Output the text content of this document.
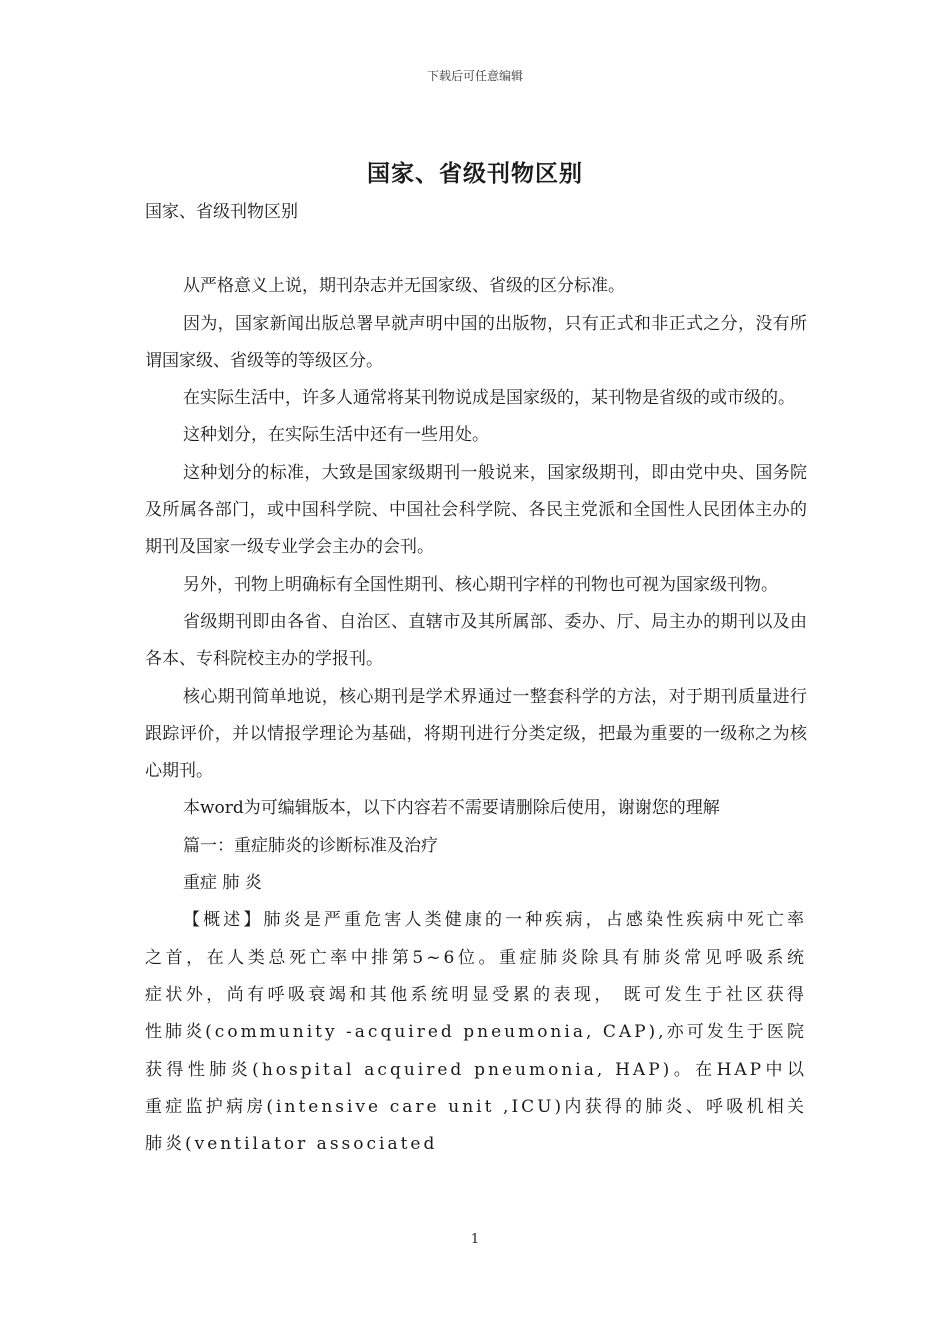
下载后可任意编辑
国家、省级刊物区别

国家、省级刊物区别

从严格意义上说，期刊杂志并无国家级、省级的区分标准。

因为，国家新闻出版总署早就声明中国的出版物，只有正式和非正式之分，没有所谓国家级、省级等的等级区分。

在实际生活中，许多人通常将某刊物说成是国家级的，某刊物是省级的或市级的。

这种划分，在实际生活中还有一些用处。

这种划分的标准，大致是国家级期刊一般说来，国家级期刊，即由党中央、国务院及所属各部门，或中国科学院、中国社会科学院、各民主党派和全国性人民团体主办的期刊及国家一级专业学会主办的会刊。

另外，刊物上明确标有全国性期刊、核心期刊字样的刊物也可视为国家级刊物。

省级期刊即由各省、自治区、直辖市及其所属部、委办、厅、局主办的期刊以及由各本、专科院校主办的学报刊。

核心期刊简单地说，核心期刊是学术界通过一整套科学的方法，对于期刊质量进行跟踪评价，并以情报学理论为基础，将期刊进行分类定级，把最为重要的一级称之为核心期刊。

本word为可编辑版本，以下内容若不需要请删除后使用，谢谢您的理解

篇一：重症肺炎的诊断标准及治疗

重症 肺 炎

【概述】肺炎是严重危害人类健康的一种疾病，占感染性疾病中死亡率之首，在人类总死亡率中排第5~6位。重症肺炎除具有肺炎常见呼吸系统症状外，尚有呼吸衰竭和其他系统明显受累的表现， 既可发生于社区获得性肺炎(community -acquired pneumonia, CAP),亦可发生于医院获得性肺炎(hospital acquired pneumonia, HAP)。在HAP中以重症监护病房(intensive care unit ,ICU)内获得的肺炎、呼吸机相关肺炎(ventilator associated

1
